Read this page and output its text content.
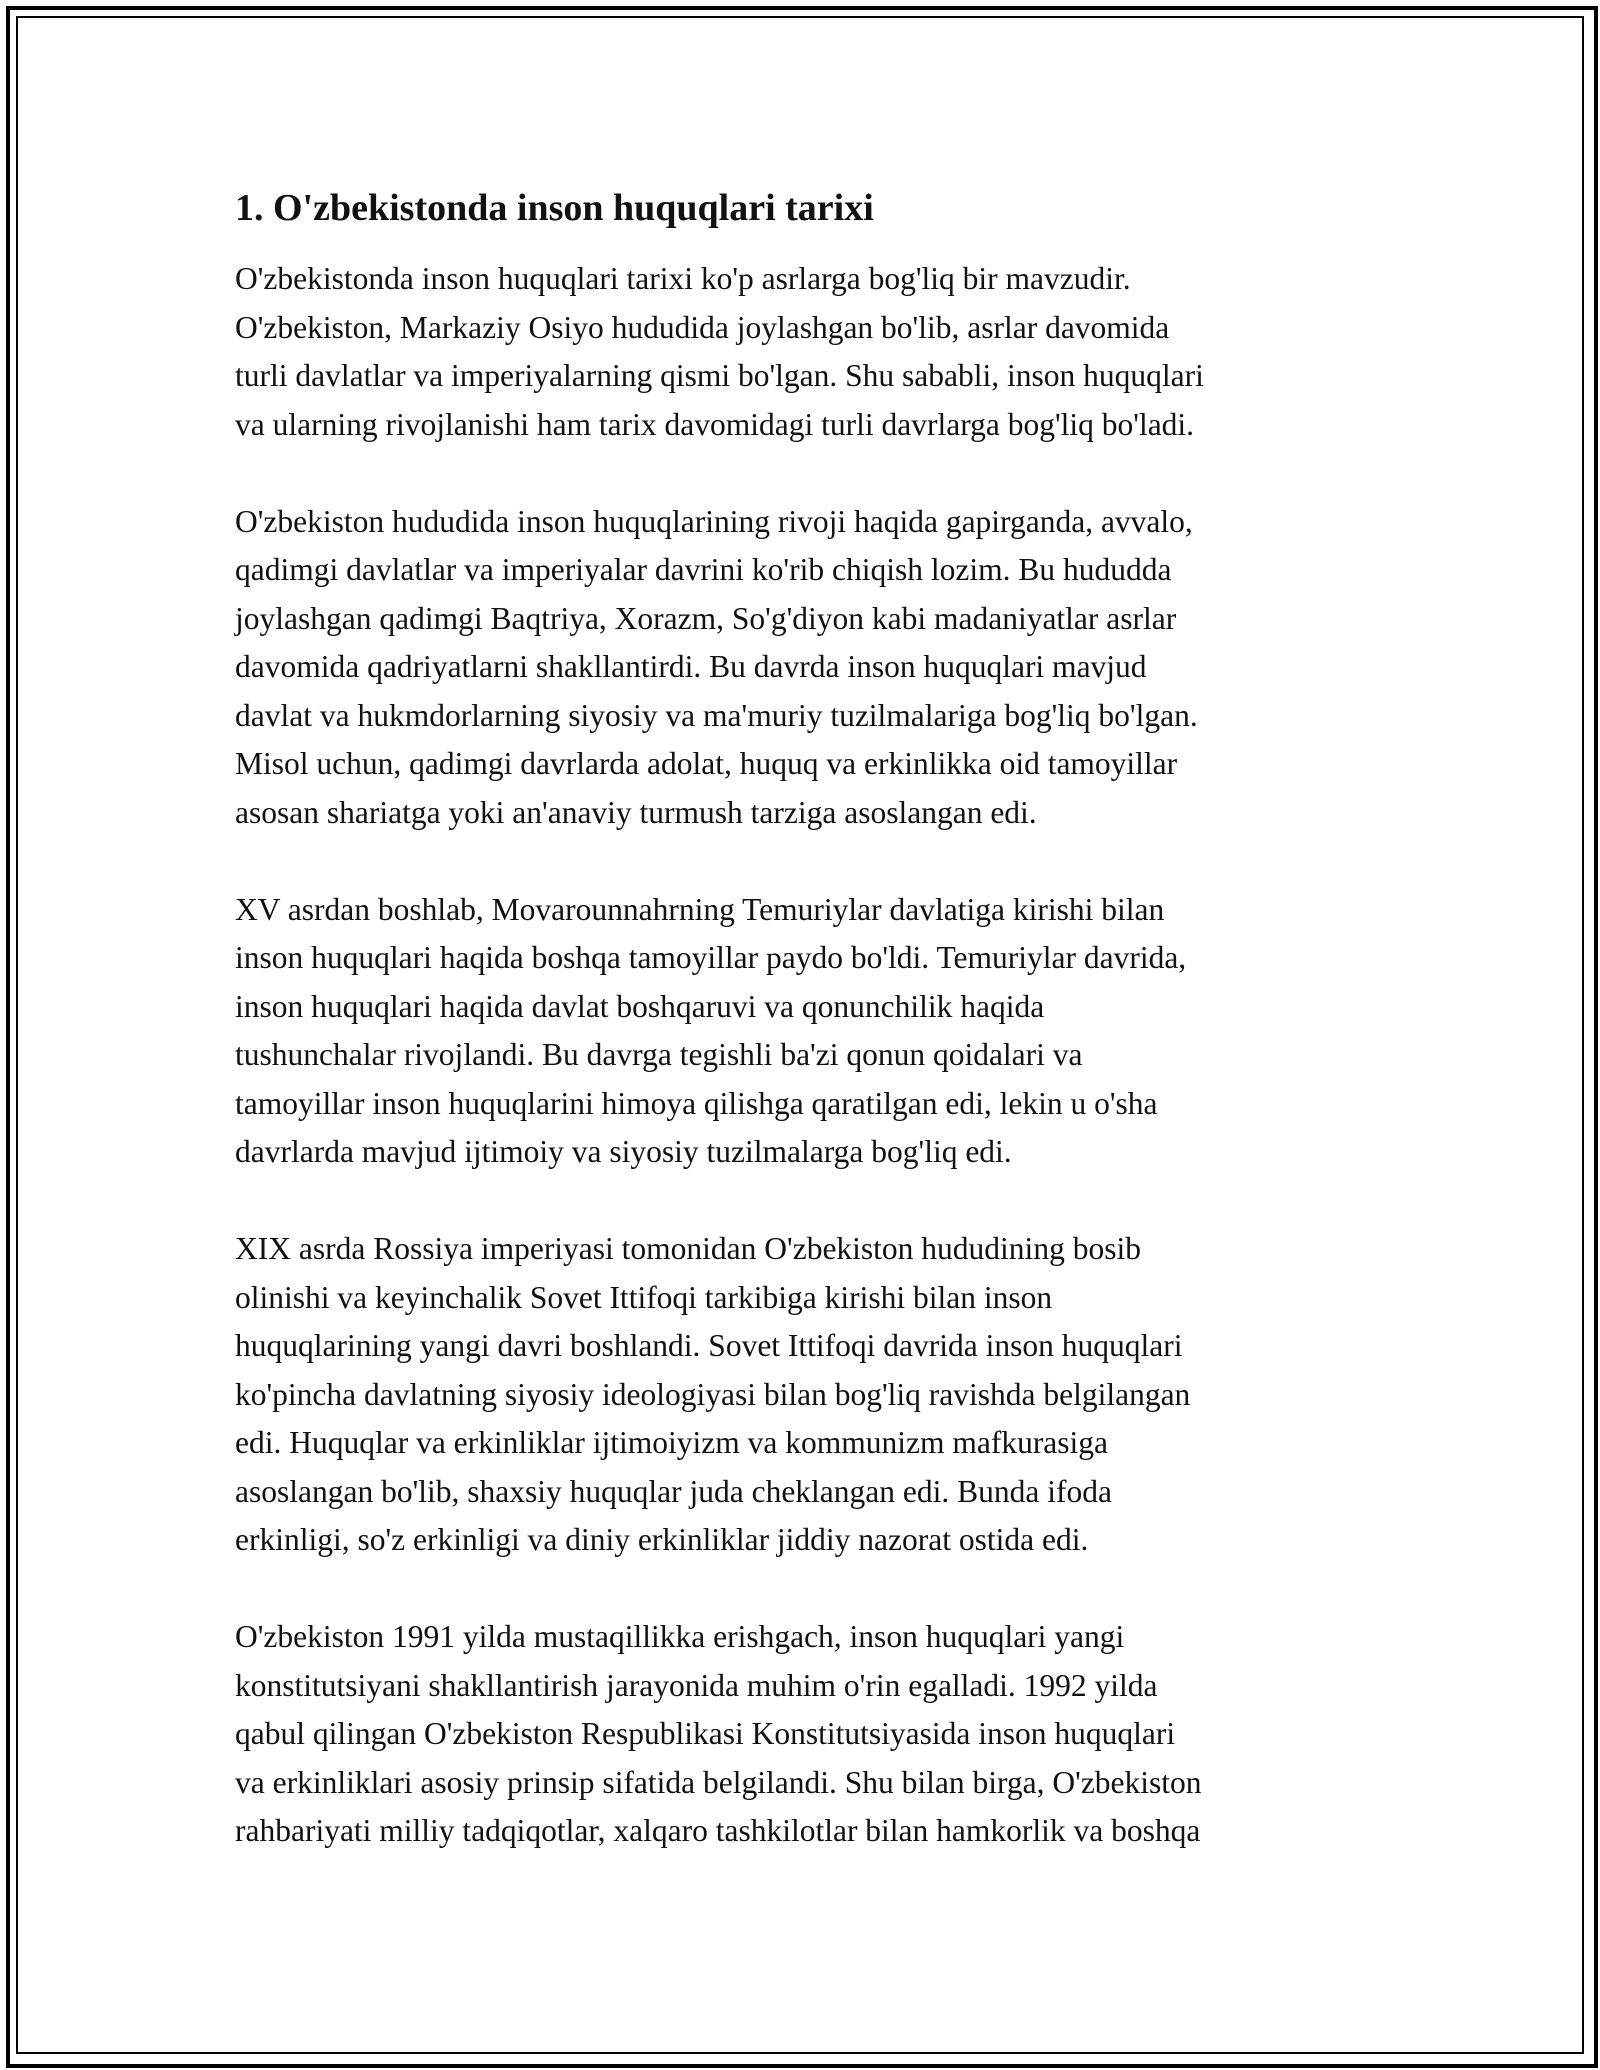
1. O'zbekistonda inson huquqlari tarixi

O'zbekistonda inson huquqlari tarixi ko'p asrlarga bog'liq bir mavzudir.
O'zbekiston, Markaziy Osiyo hududida joylashgan bo'lib, asrlar davomida
turli davlatlar va imperiyalarning qismi bo'lgan. Shu sababli, inson huquqlari
va ularning rivojlanishi ham tarix davomidagi turli davrlarga bog'liq bo'ladi.

O'zbekiston hududida inson huquqlarining rivoji haqida gapirganda, avvalo,
qadimgi davlatlar va imperiyalar davrini ko'rib chiqish lozim. Bu hududda
joylashgan qadimgi Baqtriya, Xorazm, So'g'diyon kabi madaniyatlar asrlar
davomida qadriyatlarni shakllantirdi. Bu davrda inson huquqlari mavjud
davlat va hukmdorlarning siyosiy va ma'muriy tuzilmalariga bog'liq bo'lgan.
Misol uchun, qadimgi davrlarda adolat, huquq va erkinlikka oid tamoyillar
asosan shariatga yoki an'anaviy turmush tarziga asoslangan edi.

XV asrdan boshlab, Movarounnahrning Temuriylar davlatiga kirishi bilan
inson huquqlari haqida boshqa tamoyillar paydo bo'ldi. Temuriylar davrida,
inson huquqlari haqida davlat boshqaruvi va qonunchilik haqida
tushunchalar rivojlandi. Bu davrga tegishli ba'zi qonun qoidalari va
tamoyillar inson huquqlarini himoya qilishga qaratilgan edi, lekin u o'sha
davrlarda mavjud ijtimoiy va siyosiy tuzilmalarga bog'liq edi.

XIX asrda Rossiya imperiyasi tomonidan O'zbekiston hududining bosib
olinishi va keyinchalik Sovet Ittifoqi tarkibiga kirishi bilan inson
huquqlarining yangi davri boshlandi. Sovet Ittifoqi davrida inson huquqlari
ko'pincha davlatning siyosiy ideologiyasi bilan bog'liq ravishda belgilangan
edi. Huquqlar va erkinliklar ijtimoiyizm va kommunizm mafkurasiga
asoslangan bo'lib, shaxsiy huquqlar juda cheklangan edi. Bunda ifoda
erkinligi, so'z erkinligi va diniy erkinliklar jiddiy nazorat ostida edi.

O'zbekiston 1991 yilda mustaqillikka erishgach, inson huquqlari yangi
konstitutsiyani shakllantirish jarayonida muhim o'rin egalladi. 1992 yilda
qabul qilingan O'zbekiston Respublikasi Konstitutsiyasida inson huquqlari
va erkinliklari asosiy prinsip sifatida belgilandi. Shu bilan birga, O'zbekiston
rahbariyati milliy tadqiqotlar, xalqaro tashkilotlar bilan hamkorlik va boshqa
